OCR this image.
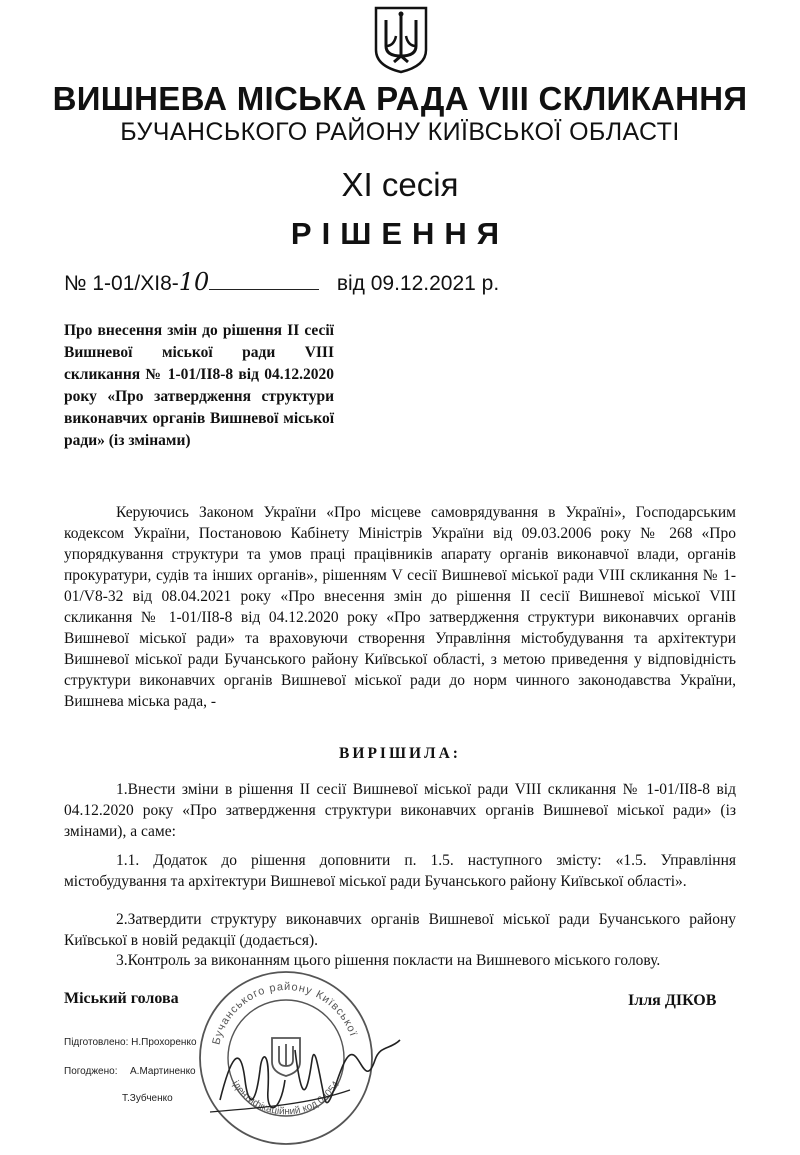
ВИШНЕВА МІСЬКА РАДА VIII СКЛИКАННЯ
БУЧАНСЬКОГО РАЙОНУ КИЇВСЬКОЇ ОБЛАСТІ
XI сесія
РІШЕННЯ
№ 1-01/XI8-10	від 09.12.2021 р.
Про внесення змін до рішення ІІ сесії Вишневої міської ради VIII скликання № 1-01/ІІ8-8 від 04.12.2020 року «Про затвердження структури виконавчих органів Вишневої міської ради» (із змінами)

Керуючись Законом України «Про місцеве самоврядування в Україні», Господарським кодексом України, Постановою Кабінету Міністрів України від 09.03.2006 року № 268 «Про упорядкування структури та умов праці працівників апарату органів виконавчої влади, органів прокуратури, судів та інших органів», рішенням V сесії Вишневої міської ради VIII скликання № 1-01/V8-32 від 08.04.2021 року «Про внесення змін до рішення ІІ сесії Вишневої міської VIII скликання № 1-01/ІІ8-8 від 04.12.2020 року «Про затвердження структури виконавчих органів Вишневої міської ради» та враховуючи створення Управління містобудування та архітектури Вишневої міської ради Бучанського району Київської області, з метою приведення у відповідність структури виконавчих органів Вишневої міської ради до норм чинного законодавства України, Вишнева міська рада, -

ВИРІШИЛА:

1.Внести зміни в рішення ІІ сесії Вишневої міської ради VIII скликання № 1-01/ІІ8-8 від 04.12.2020 року «Про затвердження структури виконавчих органів Вишневої міської ради» (із змінами), а саме:

1.1. Додаток до рішення доповнити п. 1.5. наступного змісту: «1.5. Управління містобудування та архітектури Вишневої міської ради Бучанського району Київської області».

2.Затвердити структуру виконавчих органів Вишневої міської ради Бучанського району Київської в новій редакції (додається).

3.Контроль за виконанням цього рішення покласти на Вишневого міського голову.

Міський голова	Ілля ДІКОВ
Підготовлено: Н.Прохоренко
Погоджено: А.Мартиненко
Т.Зубченко
Бучанського району Київської
ідентифікаційний код 04054
